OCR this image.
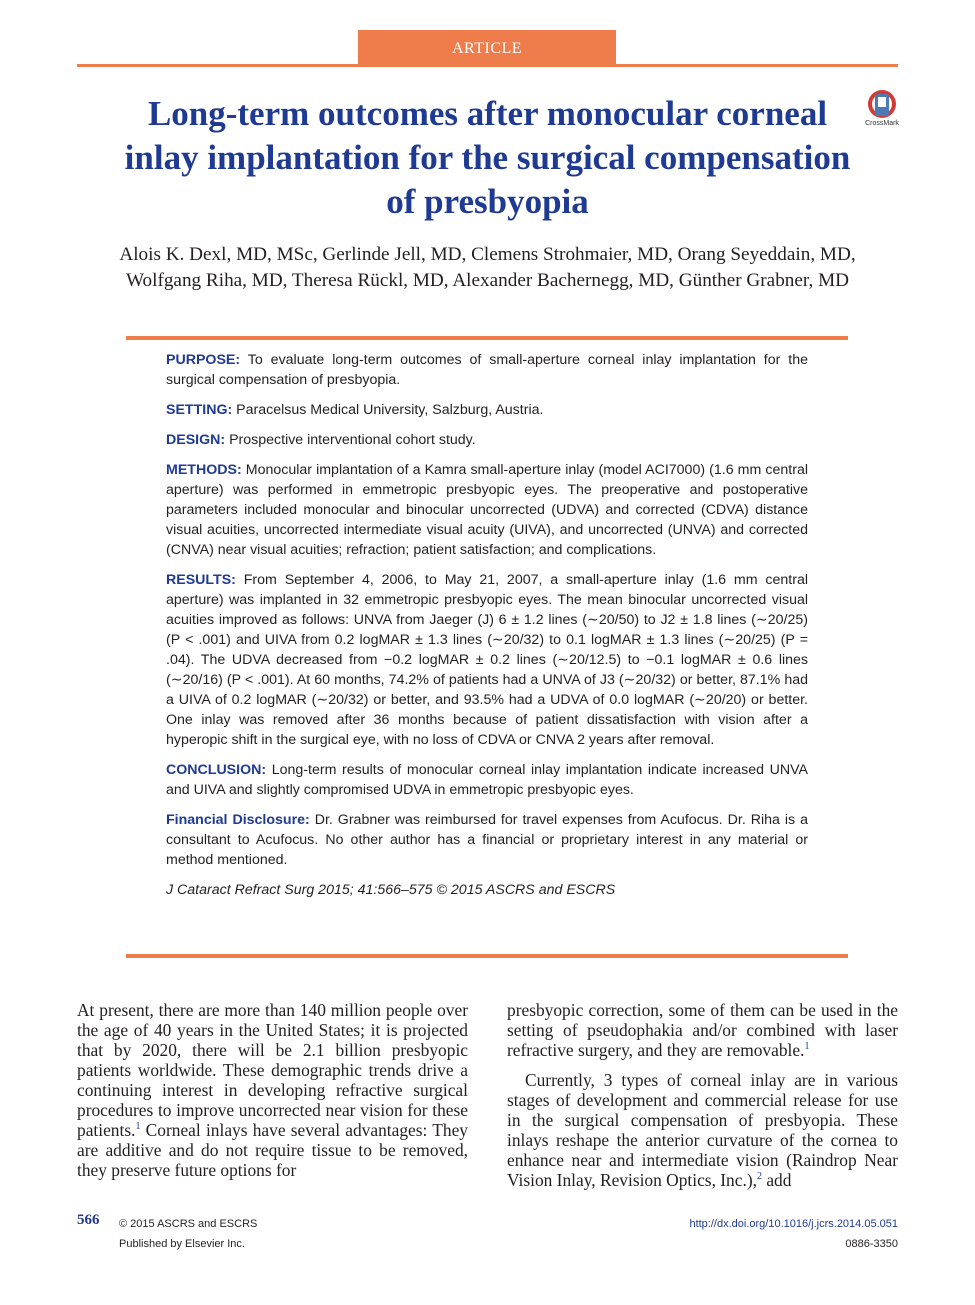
ARTICLE
Long-term outcomes after monocular corneal inlay implantation for the surgical compensation of presbyopia
CrossMark
Alois K. Dexl, MD, MSc, Gerlinde Jell, MD, Clemens Strohmaier, MD, Orang Seyeddain, MD,
Wolfgang Riha, MD, Theresa Rückl, MD, Alexander Bachernegg, MD, Günther Grabner, MD

PURPOSE: To evaluate long-term outcomes of small-aperture corneal inlay implantation for the surgical compensation of presbyopia.

SETTING: Paracelsus Medical University, Salzburg, Austria.

DESIGN: Prospective interventional cohort study.

METHODS: Monocular implantation of a Kamra small-aperture inlay (model ACI7000) (1.6 mm central aperture) was performed in emmetropic presbyopic eyes. The preoperative and postoperative parameters included monocular and binocular uncorrected (UDVA) and corrected (CDVA) distance visual acuities, uncorrected intermediate visual acuity (UIVA), and uncorrected (UNVA) and corrected (CNVA) near visual acuities; refraction; patient satisfaction; and complications.

RESULTS: From September 4, 2006, to May 21, 2007, a small-aperture inlay (1.6 mm central aperture) was implanted in 32 emmetropic presbyopic eyes. The mean binocular uncorrected visual acuities improved as follows: UNVA from Jaeger (J) 6 ± 1.2 lines (∼20/50) to J2 ± 1.8 lines (∼20/25) (P < .001) and UIVA from 0.2 logMAR ± 1.3 lines (∼20/32) to 0.1 logMAR ± 1.3 lines (∼20/25) (P = .04). The UDVA decreased from −0.2 logMAR ± 0.2 lines (∼20/12.5) to −0.1 logMAR ± 0.6 lines (∼20/16) (P < .001). At 60 months, 74.2% of patients had a UNVA of J3 (∼20/32) or better, 87.1% had a UIVA of 0.2 logMAR (∼20/32) or better, and 93.5% had a UDVA of 0.0 logMAR (∼20/20) or better. One inlay was removed after 36 months because of patient dissatisfaction with vision after a hyperopic shift in the surgical eye, with no loss of CDVA or CNVA 2 years after removal.

CONCLUSION: Long-term results of monocular corneal inlay implantation indicate increased UNVA and UIVA and slightly compromised UDVA in emmetropic presbyopic eyes.

Financial Disclosure: Dr. Grabner was reimbursed for travel expenses from Acufocus. Dr. Riha is a consultant to Acufocus. No other author has a financial or proprietary interest in any material or method mentioned.

J Cataract Refract Surg 2015; 41:566–575 © 2015 ASCRS and ESCRS

At present, there are more than 140 million people over the age of 40 years in the United States; it is projected that by 2020, there will be 2.1 billion presbyopic patients worldwide. These demographic trends drive a continuing interest in developing refractive surgical procedures to improve uncorrected near vision for these patients.$^1$ Corneal inlays have several advantages: They are additive and do not require tissue to be removed, they preserve future options for

presbyopic correction, some of them can be used in the setting of pseudophakia and/or combined with laser refractive surgery, and they are removable.$^1$

Currently, 3 types of corneal inlay are in various stages of development and commercial release for use in the surgical compensation of presbyopia. These inlays reshape the anterior curvature of the cornea to enhance near and intermediate vision (Raindrop Near Vision Inlay, Revision Optics, Inc.),$^2$ add

566 © 2015 ASCRS and ESCRS
Published by Elsevier Inc.
http://dx.doi.org/10.1016/j.jcrs.2014.05.051
0886-3350
